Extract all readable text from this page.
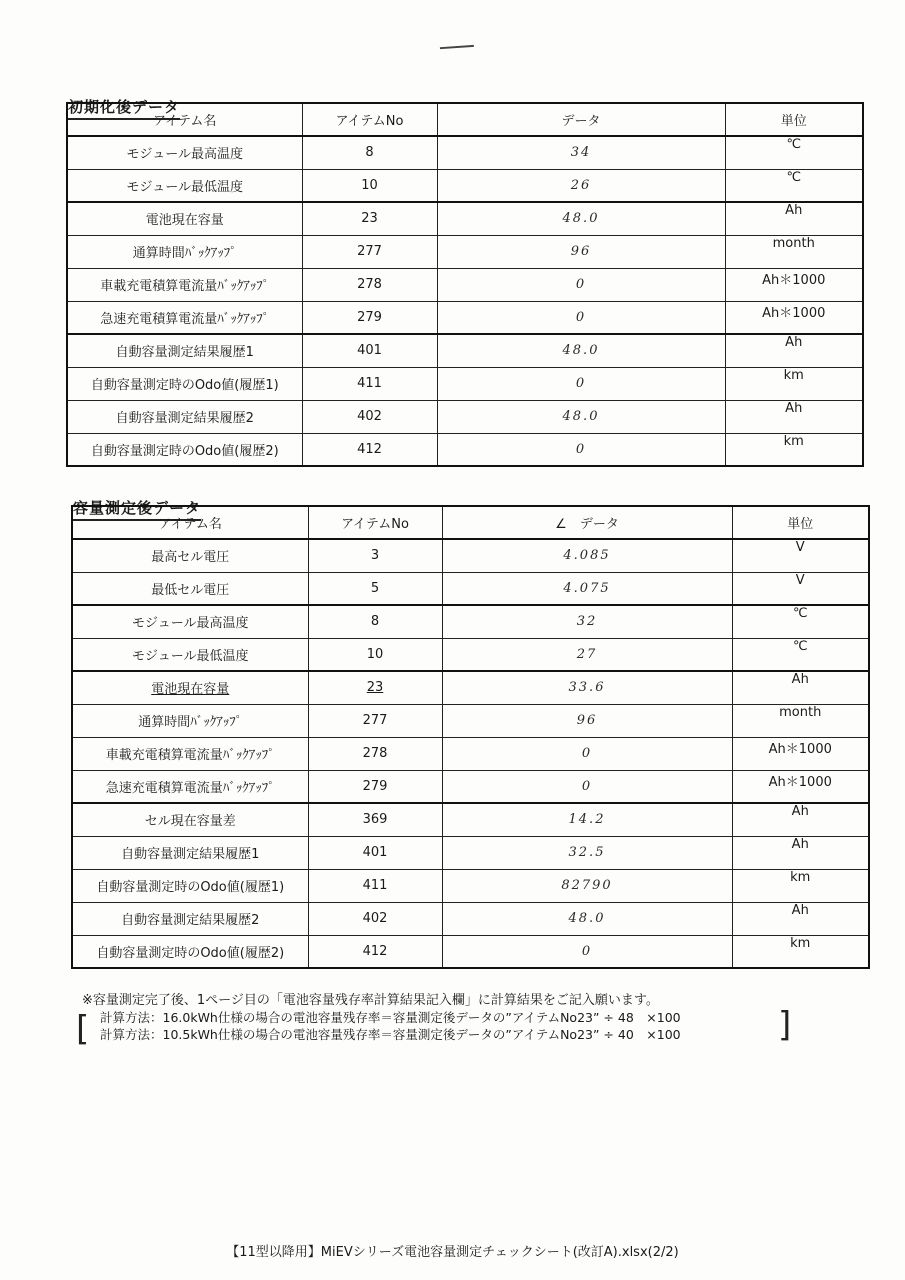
初期化後データ
アイテム名	アイテムNo	データ	単位
モジュール最高温度	8	34	℃
モジュール最低温度	10	26	℃
電池現在容量	23	48.0	Ah
通算時間ﾊﾞｯｸｱｯﾌﾟ	277	96	month
車載充電積算電流量ﾊﾞｯｸｱｯﾌﾟ	278	0	Ah＊1000
急速充電積算電流量ﾊﾞｯｸｱｯﾌﾟ	279	0	Ah＊1000
自動容量測定結果履歴1	401	48.0	Ah
自動容量測定時のOdo値(履歴1)	411	0	km
自動容量測定結果履歴2	402	48.0	Ah
自動容量測定時のOdo値(履歴2)	412	0	km
容量測定後データ
アイテム名	アイテムNo	∠　データ	単位
最高セル電圧	3	4.085	V
最低セル電圧	5	4.075	V
モジュール最高温度	8	32	℃
モジュール最低温度	10	27	℃
電池現在容量	23	33.6	Ah
通算時間ﾊﾞｯｸｱｯﾌﾟ	277	96	month
車載充電積算電流量ﾊﾞｯｸｱｯﾌﾟ	278	0	Ah＊1000
急速充電積算電流量ﾊﾞｯｸｱｯﾌﾟ	279	0	Ah＊1000
セル現在容量差	369	14.2	Ah
自動容量測定結果履歴1	401	32.5	Ah
自動容量測定時のOdo値(履歴1)	411	82790	km
自動容量測定結果履歴2	402	48.0	Ah
自動容量測定時のOdo値(履歴2)	412	0	km
[	]
※容量測定完了後、1ページ目の「電池容量残存率計算結果記入欄」に計算結果をご記入願います。
計算方法：16.0kWh仕様の場合の電池容量残存率＝容量測定後データの”アイテムNo23” ÷ 48　×100
計算方法：10.5kWh仕様の場合の電池容量残存率＝容量測定後データの”アイテムNo23” ÷ 40　×100
【11型以降用】MiEVシリーズ電池容量測定チェックシート(改訂A).xlsx(2/2)
